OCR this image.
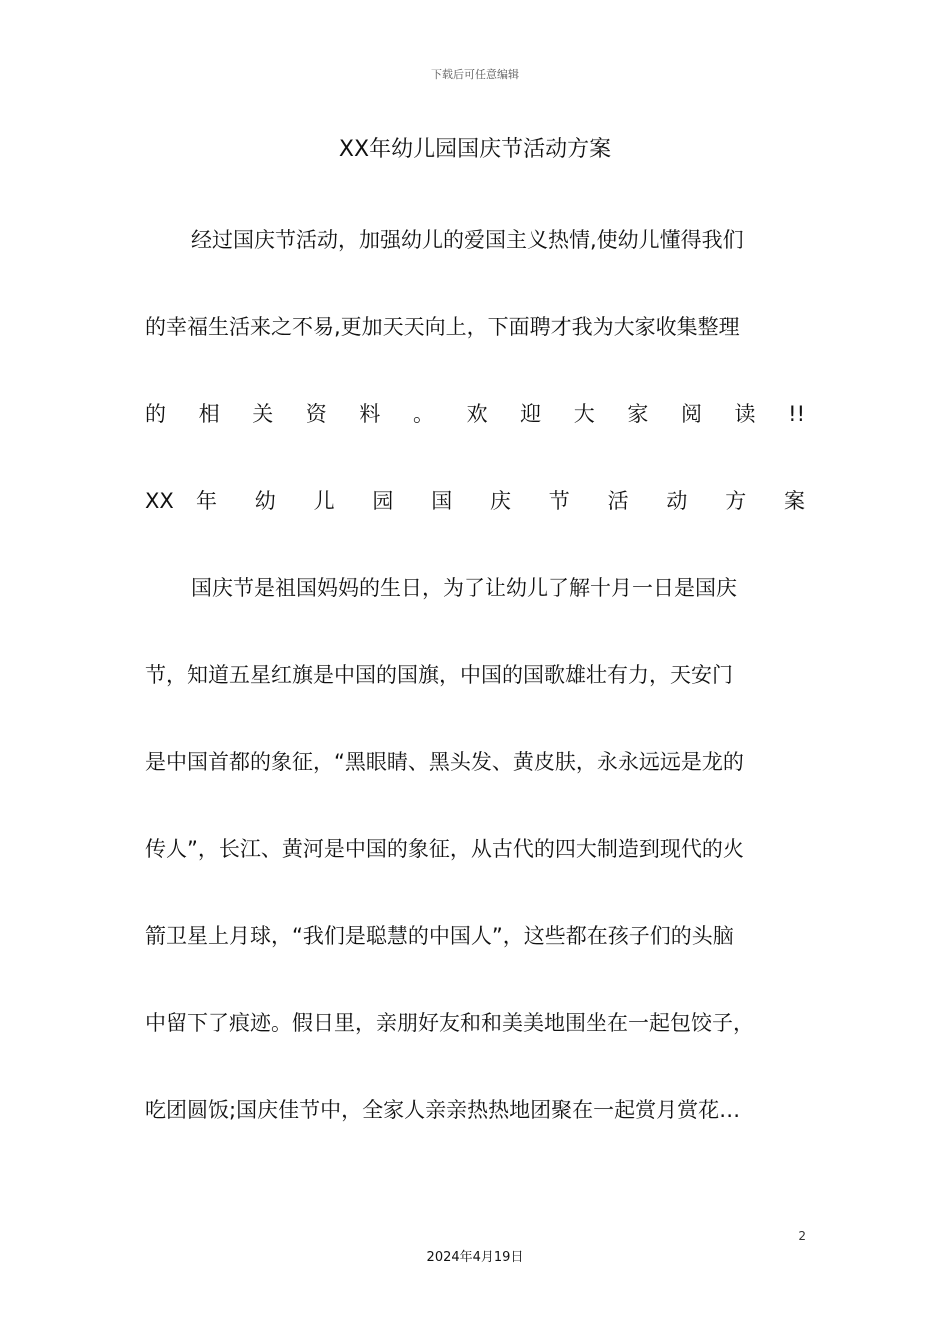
下载后可任意编辑
XX年幼儿园国庆节活动方案
经过国庆节活动，加强幼儿的爱国主义热情,使幼儿懂得我们
的幸福生活来之不易,更加天天向上，下面聘才我为大家收集整理
的 相 关 资 料 。 欢 迎 大 家 阅 读 !!
XX 年 幼 儿 园 国 庆 节 活 动 方 案
国庆节是祖国妈妈的生日，为了让幼儿了解十月一日是国庆
节，知道五星红旗是中国的国旗，中国的国歌雄壮有力，天安门
是中国首都的象征，“黑眼睛、黑头发、黄皮肤，永永远远是龙的
传人”，长江、黄河是中国的象征，从古代的四大制造到现代的火
箭卫星上月球，“我们是聪慧的中国人”，这些都在孩子们的头脑
中留下了痕迹。假日里，亲朋好友和和美美地围坐在一起包饺子，
吃团圆饭;国庆佳节中，全家人亲亲热热地团聚在一起赏月赏花…
2
2024年4月19日
